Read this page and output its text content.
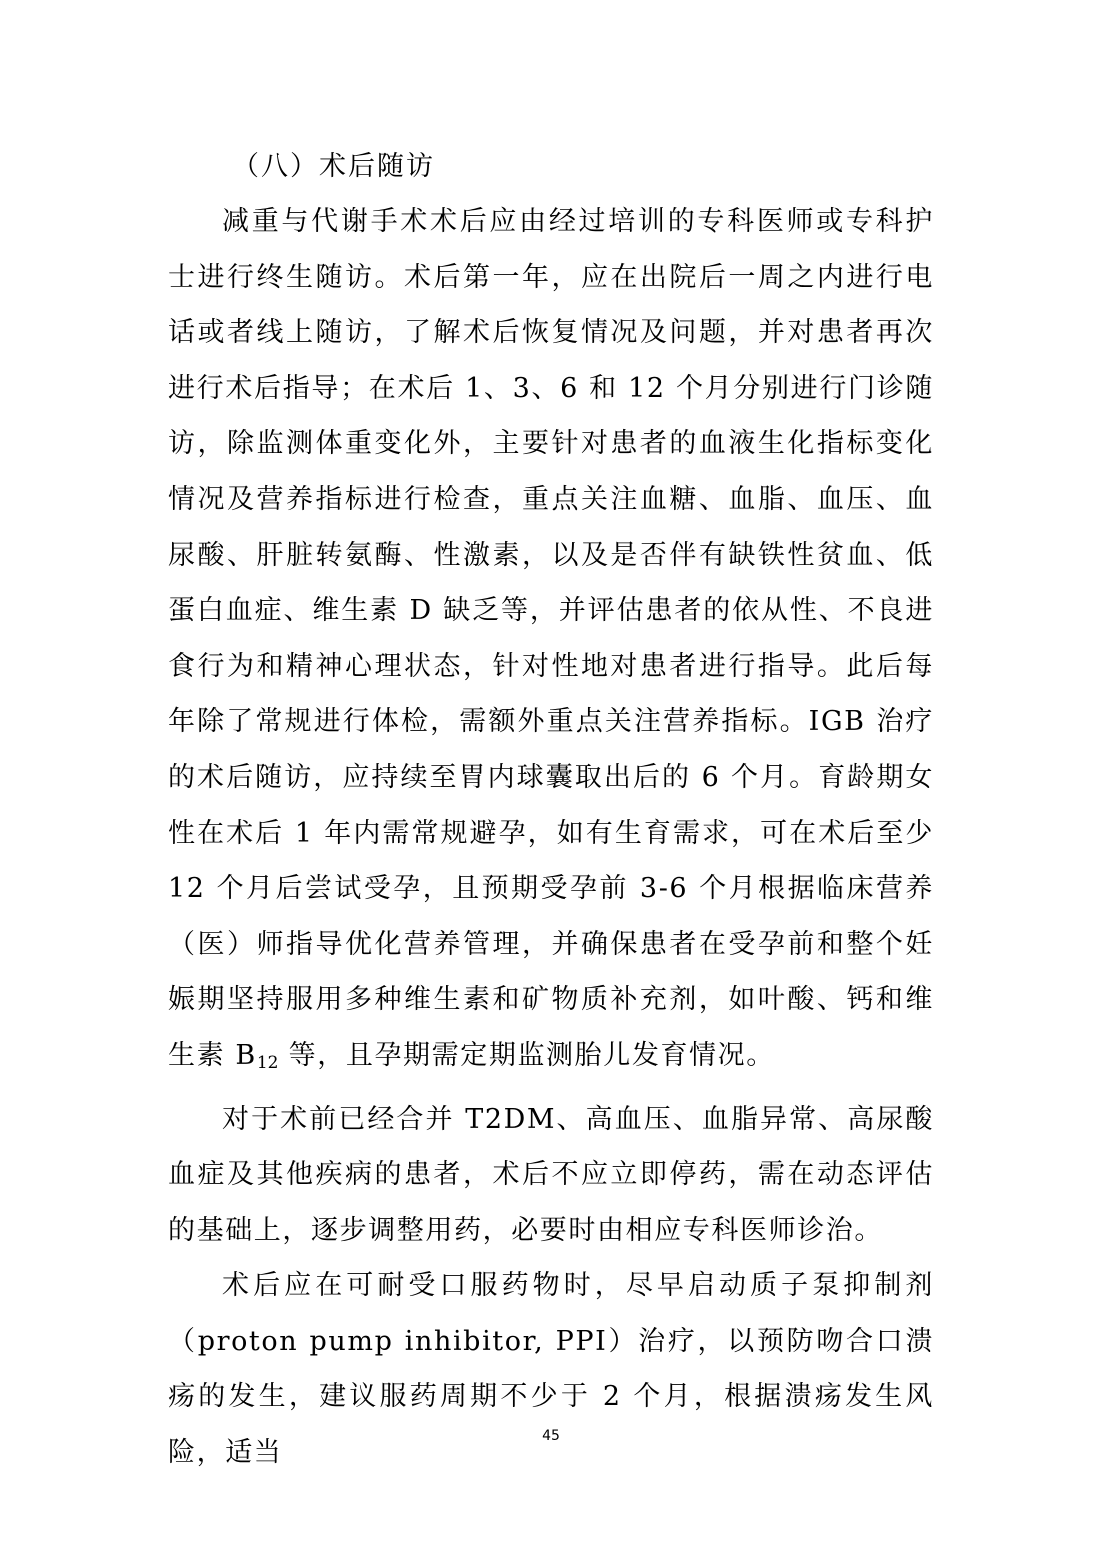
（八）术后随访

减重与代谢手术术后应由经过培训的专科医师或专科护士进行终生随访。术后第一年，应在出院后一周之内进行电话或者线上随访，了解术后恢复情况及问题，并对患者再次进行术后指导；在术后 1、3、6 和 12 个月分别进行门诊随访，除监测体重变化外，主要针对患者的血液生化指标变化情况及营养指标进行检查，重点关注血糖、血脂、血压、血尿酸、肝脏转氨酶、性激素，以及是否伴有缺铁性贫血、低蛋白血症、维生素 D 缺乏等，并评估患者的依从性、不良进食行为和精神心理状态，针对性地对患者进行指导。此后每年除了常规进行体检，需额外重点关注营养指标。IGB 治疗的术后随访，应持续至胃内球囊取出后的 6 个月。育龄期女性在术后 1 年内需常规避孕，如有生育需求，可在术后至少 12 个月后尝试受孕，且预期受孕前 3-6 个月根据临床营养（医）师指导优化营养管理，并确保患者在受孕前和整个妊娠期坚持服用多种维生素和矿物质补充剂，如叶酸、钙和维生素 $B_{12}$ 等，且孕期需定期监测胎儿发育情况。

对于术前已经合并 T2DM、高血压、血脂异常、高尿酸血症及其他疾病的患者，术后不应立即停药，需在动态评估的基础上，逐步调整用药，必要时由相应专科医师诊治。

术后应在可耐受口服药物时，尽早启动质子泵抑制剂（proton pump inhibitor, PPI）治疗，以预防吻合口溃疡的发生，建议服药周期不少于 2 个月，根据溃疡发生风险，适当

45
